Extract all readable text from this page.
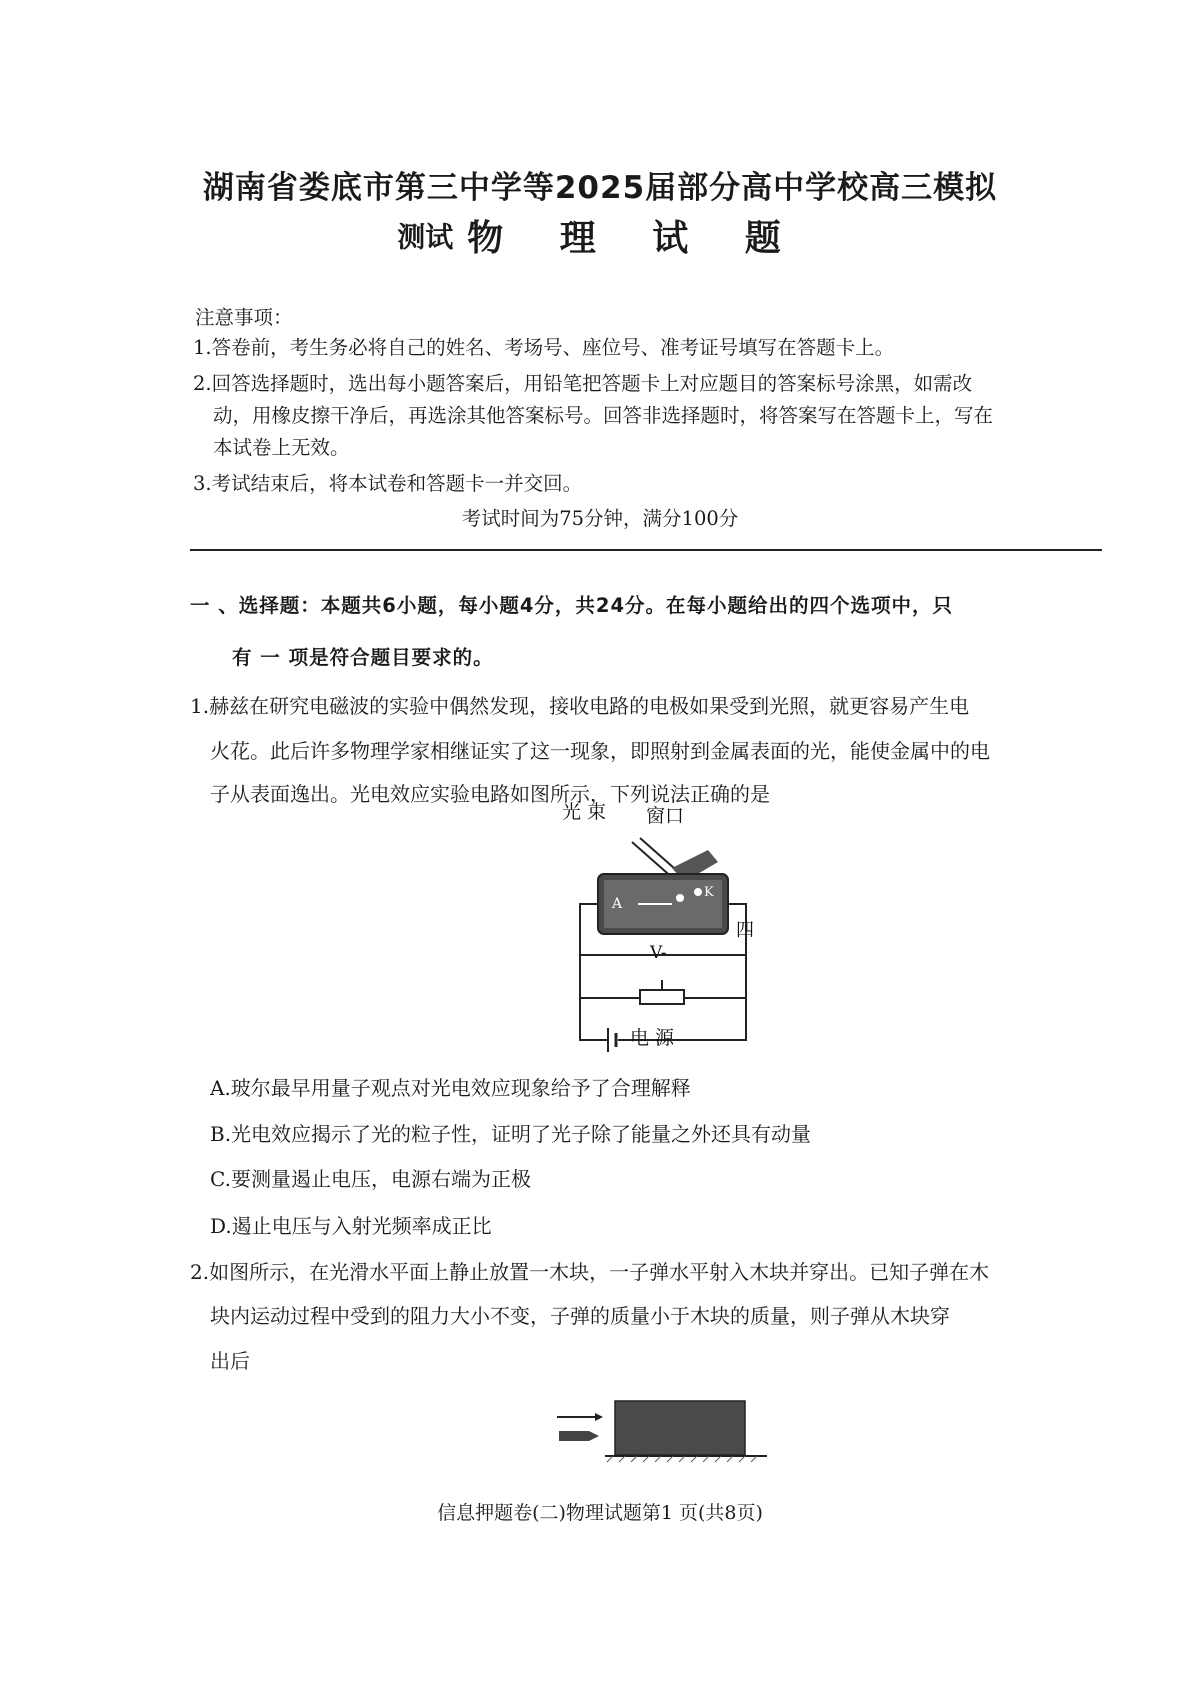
湖南省娄底市第三中学等2025届部分高中学校高三模拟
测试 物 理 试 题
注意事项：
1.答卷前，考生务必将自己的姓名、考场号、座位号、准考证号填写在答题卡上。
2.回答选择题时，选出每小题答案后，用铅笔把答题卡上对应题目的答案标号涂黑，如需改
动，用橡皮擦干净后，再选涂其他答案标号。回答非选择题时，将答案写在答题卡上，写在
本试卷上无效。
3.考试结束后，将本试卷和答题卡一并交回。
考试时间为75分钟，满分100分
一 、选择题：本题共6小题，每小题4分，共24分。在每小题给出的四个选项中，只
有 一 项是符合题目要求的。
1.赫兹在研究电磁波的实验中偶然发现，接收电路的电极如果受到光照，就更容易产生电
火花。此后许多物理学家相继证实了这一现象，即照射到金属表面的光，能使金属中的电
子从表面逸出。光电效应实验电路如图所示，下列说法正确的是
A
K
光 束 窗口
四
V-
电 源
A.玻尔最早用量子观点对光电效应现象给予了合理解释
B.光电效应揭示了光的粒子性，证明了光子除了能量之外还具有动量
C.要测量遏止电压，电源右端为正极
D.遏止电压与入射光频率成正比
2.如图所示，在光滑水平面上静止放置一木块，一子弹水平射入木块并穿出。已知子弹在木
块内运动过程中受到的阻力大小不变，子弹的质量小于木块的质量，则子弹从木块穿
出后
信息押题卷(二)物理试题第1 页(共8页)
